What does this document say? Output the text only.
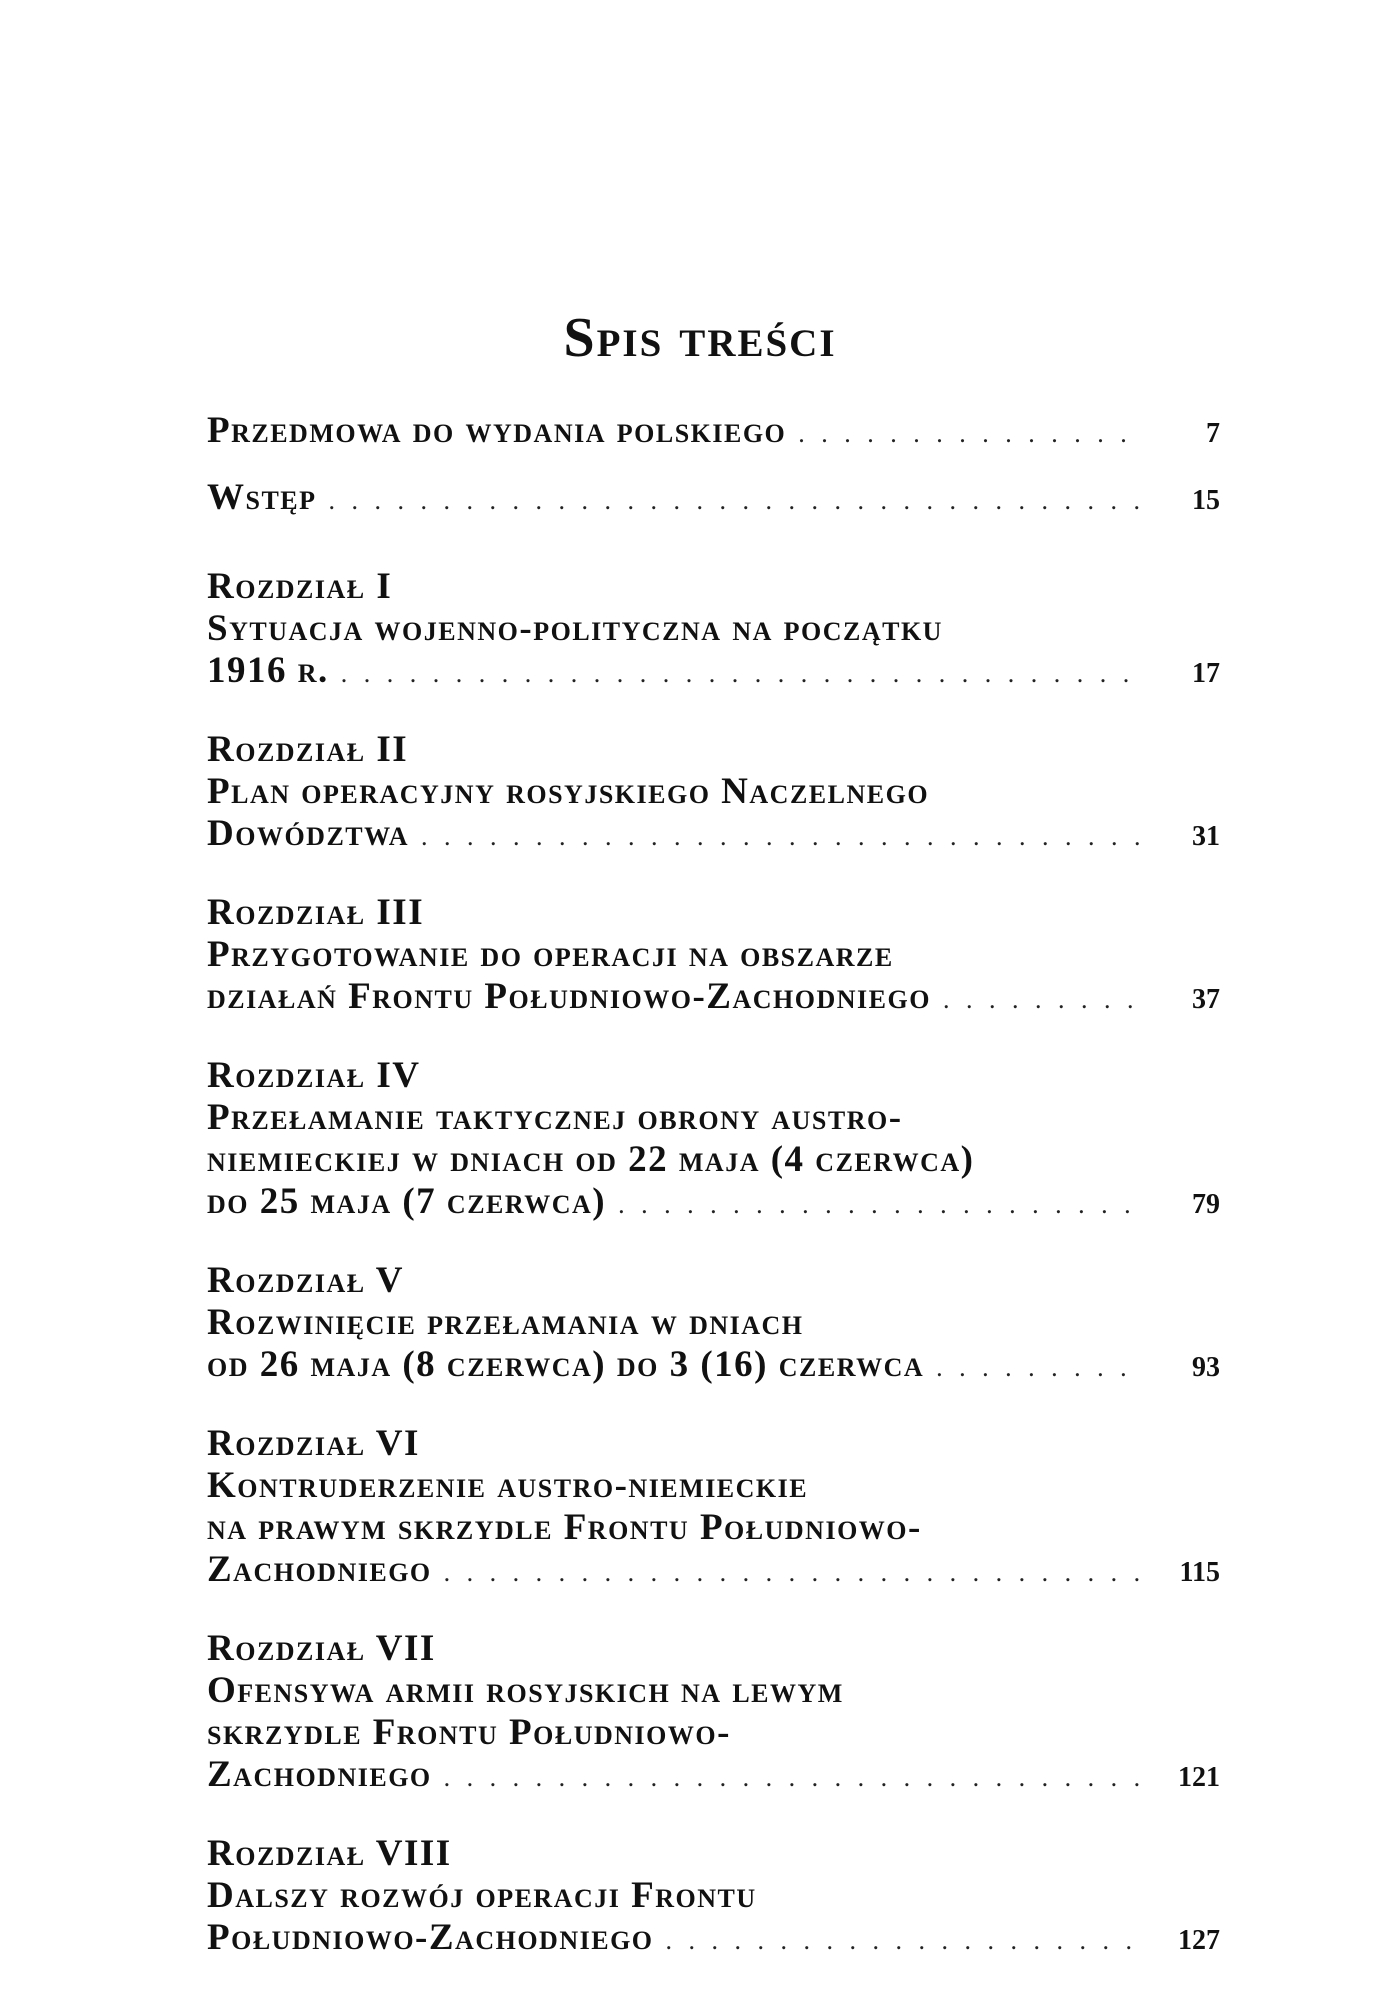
Spis treści
Przedmowa do wydania polskiego . . .	7
Wstęp . . .	15
Rozdział I
Sytuacja wojenno-polityczna na początku
1916 r. . . .	17
Rozdział II
Plan operacyjny rosyjskiego Naczelnego
Dowództwa . . .	31
Rozdział III
Przygotowanie do operacji na obszarze
działań Frontu Południowo-Zachodniego . . .	37
Rozdział IV
Przełamanie taktycznej obrony austro-
niemieckiej w dniach od 22 maja (4 czerwca)
do 25 maja (7 czerwca) . . .	79
Rozdział V
Rozwinięcie przełamania w dniach
od 26 maja (8 czerwca) do 3 (16) czerwca . . .	93
Rozdział VI
Kontruderzenie austro-niemieckie
na prawym skrzydle Frontu Południowo-
Zachodniego . . .	115
Rozdział VII
Ofensywa armii rosyjskich na lewym
skrzydle Frontu Południowo-
Zachodniego . . .	121
Rozdział VIII
Dalszy rozwój operacji Frontu
Południowo-Zachodniego . . .	127
